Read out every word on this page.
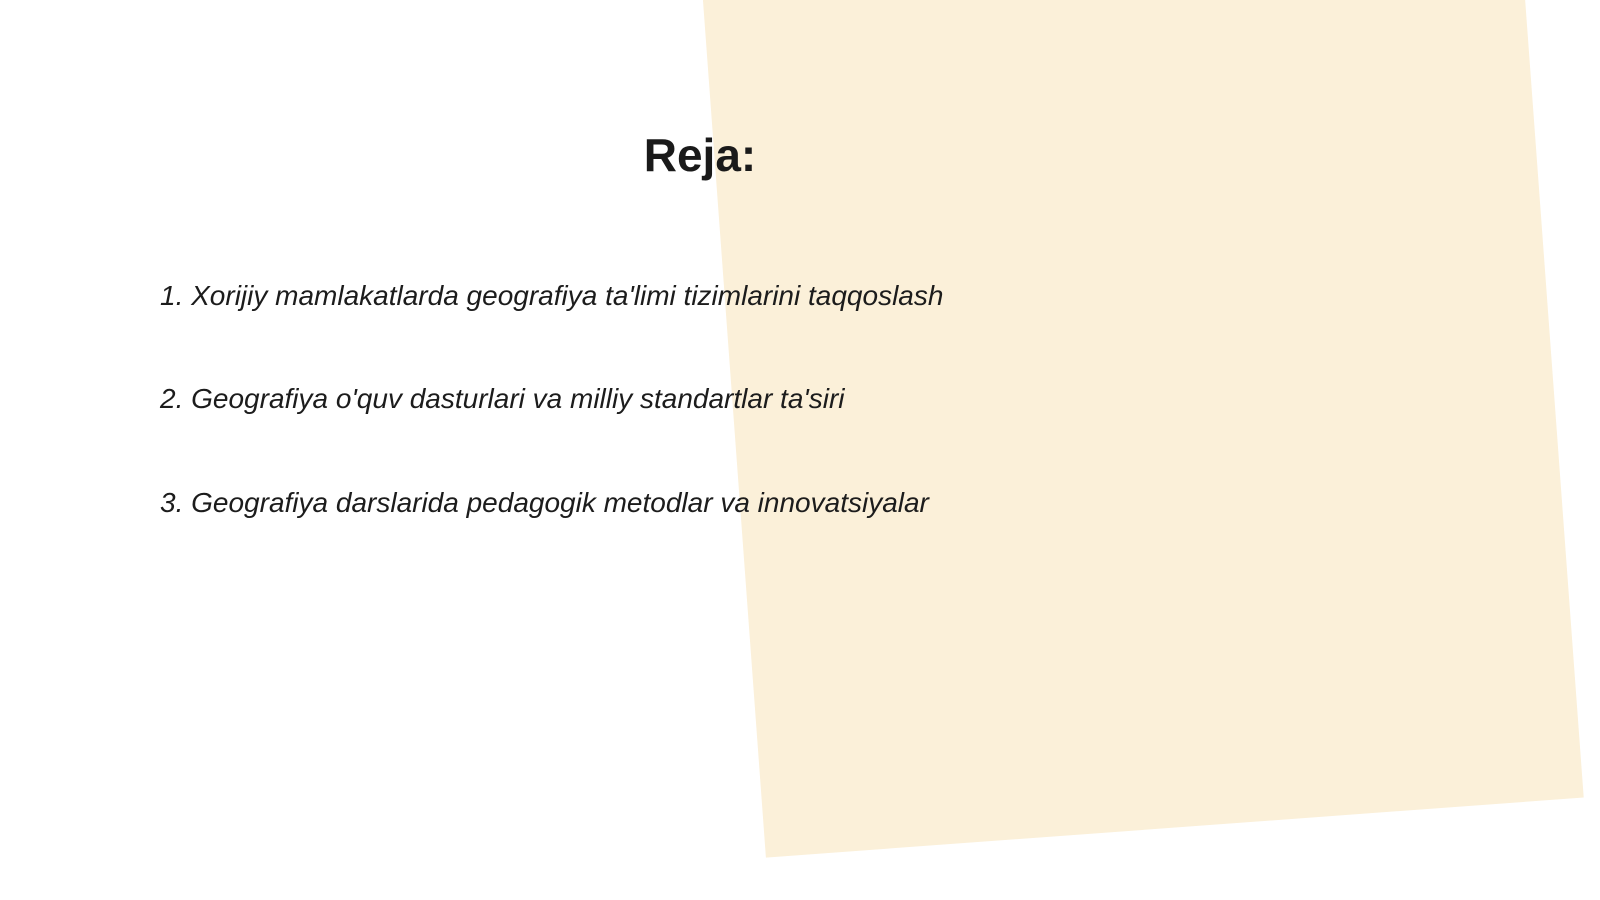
Reja:
1. Xorijiy mamlakatlarda geografiya ta'limi tizimlarini taqqoslash
2. Geografiya o'quv dasturlari va milliy standartlar ta'siri
3. Geografiya darslarida pedagogik metodlar va innovatsiyalar
